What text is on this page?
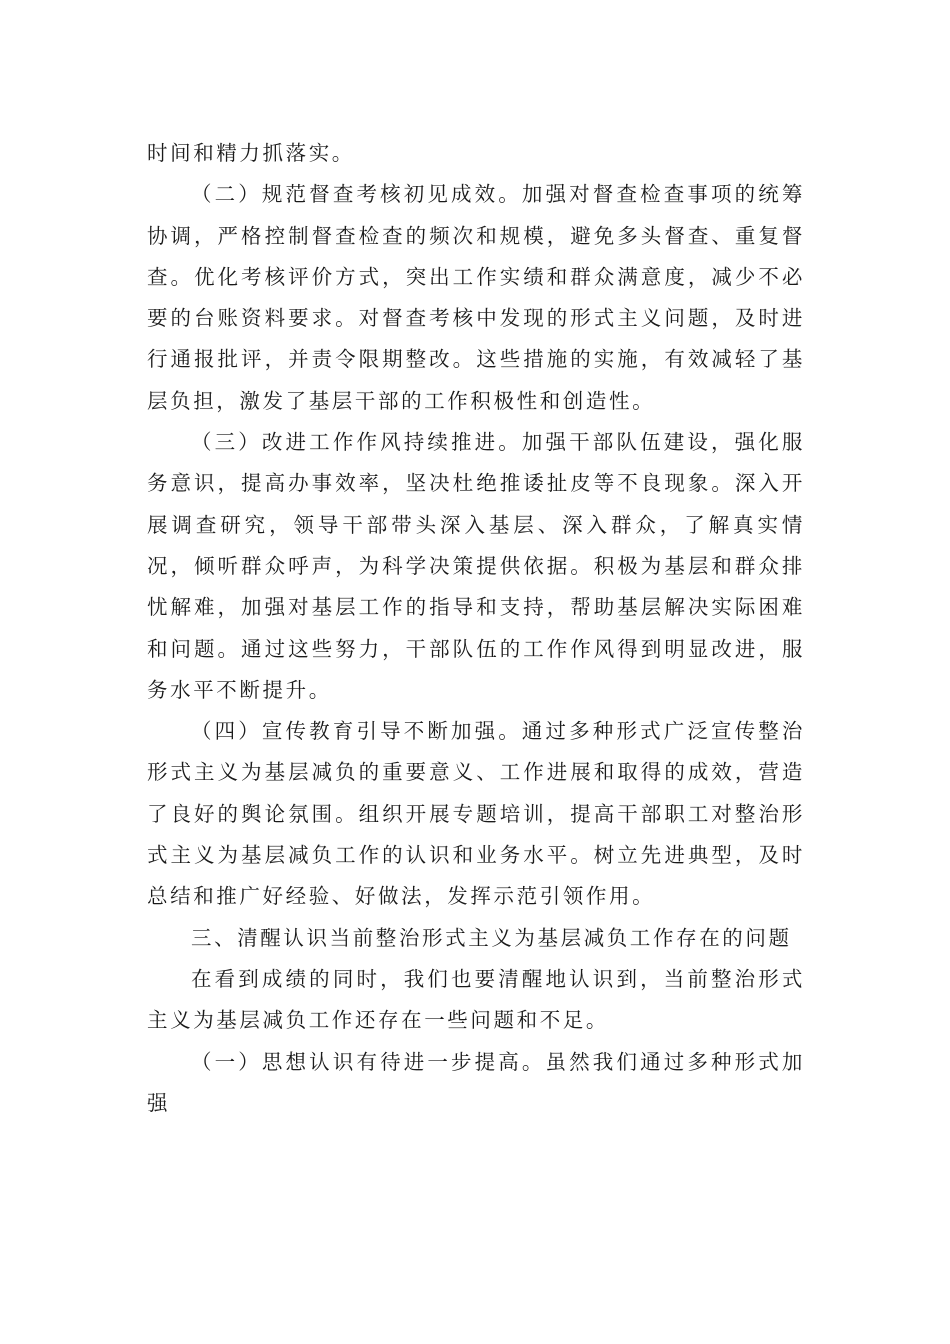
时间和精力抓落实。

（二）规范督查考核初见成效。加强对督查检查事项的统筹协调，严格控制督查检查的频次和规模，避免多头督查、重复督查。优化考核评价方式，突出工作实绩和群众满意度，减少不必要的台账资料要求。对督查考核中发现的形式主义问题，及时进行通报批评，并责令限期整改。这些措施的实施，有效减轻了基层负担，激发了基层干部的工作积极性和创造性。

（三）改进工作作风持续推进。加强干部队伍建设，强化服务意识，提高办事效率，坚决杜绝推诿扯皮等不良现象。深入开展调查研究，领导干部带头深入基层、深入群众，了解真实情况，倾听群众呼声，为科学决策提供依据。积极为基层和群众排忧解难，加强对基层工作的指导和支持，帮助基层解决实际困难和问题。通过这些努力，干部队伍的工作作风得到明显改进，服务水平不断提升。

（四）宣传教育引导不断加强。通过多种形式广泛宣传整治形式主义为基层减负的重要意义、工作进展和取得的成效，营造了良好的舆论氛围。组织开展专题培训，提高干部职工对整治形式主义为基层减负工作的认识和业务水平。树立先进典型，及时总结和推广好经验、好做法，发挥示范引领作用。

三、清醒认识当前整治形式主义为基层减负工作存在的问题

在看到成绩的同时，我们也要清醒地认识到，当前整治形式主义为基层减负工作还存在一些问题和不足。

（一）思想认识有待进一步提高。虽然我们通过多种形式加强
